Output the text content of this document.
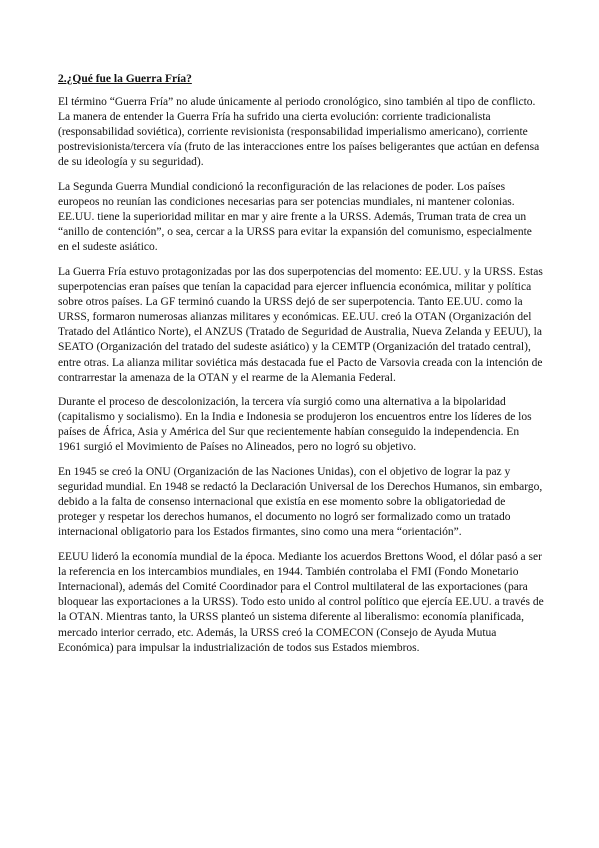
2.¿Qué fue la Guerra Fría?

El término “Guerra Fría” no alude únicamente al periodo cronológico, sino también al tipo de conflicto. La manera de entender la Guerra Fría ha sufrido una cierta evolución: corriente tradicionalista (responsabilidad soviética), corriente revisionista (responsabilidad imperialismo americano), corriente postrevisionista/tercera vía (fruto de las interacciones entre los países beligerantes que actúan en defensa de su ideología y su seguridad).

La Segunda Guerra Mundial condicionó la reconfiguración de las relaciones de poder. Los países europeos no reunían las condiciones necesarias para ser potencias mundiales, ni mantener colonias. EE.UU. tiene la superioridad militar en mar y aire frente a la URSS. Además, Truman trata de crea un “anillo de contención”, o sea, cercar a la URSS para evitar la expansión del comunismo, especialmente en el sudeste asiático.

La Guerra Fría estuvo protagonizadas por las dos superpotencias del momento: EE.UU. y la URSS. Estas superpotencias eran países que tenían la capacidad para ejercer influencia económica, militar y política sobre otros países. La GF terminó cuando la URSS dejó de ser superpotencia. Tanto EE.UU. como la URSS, formaron numerosas alianzas militares y económicas. EE.UU. creó la OTAN (Organización del Tratado del Atlántico Norte), el ANZUS (Tratado de Seguridad de Australia, Nueva Zelanda y EEUU), la SEATO (Organización del tratado del sudeste asiático) y la CEMTP (Organización del tratado central), entre otras. La alianza militar soviética más destacada fue el Pacto de Varsovia creada con la intención de contrarrestar la amenaza de la OTAN y el rearme de la Alemania Federal.

Durante el proceso de descolonización, la tercera vía surgió como una alternativa a la bipolaridad (capitalismo y socialismo). En la India e Indonesia se produjeron los encuentros entre los líderes de los países de África, Asia y América del Sur que recientemente habían conseguido la independencia. En 1961 surgió el Movimiento de Países no Alineados, pero no logró su objetivo.

En 1945 se creó la ONU (Organización de las Naciones Unidas), con el objetivo de lograr la paz y seguridad mundial. En 1948 se redactó la Declaración Universal de los Derechos Humanos, sin embargo, debido a la falta de consenso internacional que existía en ese momento sobre la obligatoriedad de proteger y respetar los derechos humanos, el documento no logró ser formalizado como un tratado internacional obligatorio para los Estados firmantes, sino como una mera “orientación”.

EEUU lideró la economía mundial de la época. Mediante los acuerdos Brettons Wood, el dólar pasó a ser la referencia en los intercambios mundiales, en 1944. También controlaba el FMI (Fondo Monetario Internacional), además del Comité Coordinador para el Control multilateral de las exportaciones (para bloquear las exportaciones a la URSS). Todo esto unido al control político que ejercía EE.UU. a través de la OTAN. Mientras tanto, la URSS planteó un sistema diferente al liberalismo: economía planificada, mercado interior cerrado, etc. Además, la URSS creó la COMECON (Consejo de Ayuda Mutua Económica) para impulsar la industrialización de todos sus Estados miembros.
